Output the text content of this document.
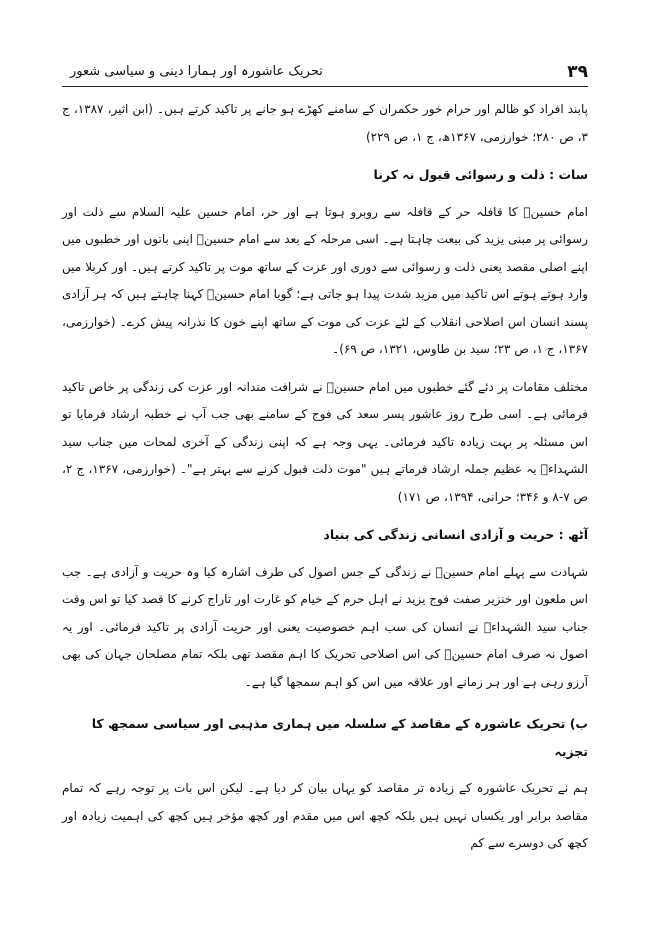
۳۹
تحریک عاشورہ اور ہمارا دینی و سیاسی شعور

پابند افراد کو ظالم اور حرام خور حکمران کے سامنے کھڑے ہو جانے پر تاکید کرتے ہیں۔ (ابن اثیر، ۱۳۸۷، ج ۳، ص ۲۸۰؛ خوارزمی، ۱۳۶۷ھ، ج ۱، ص ۲۲۹)

سات : ذلت و رسوائی قبول نہ کرنا

امام حسینؑ کا قافلہ حر کے قافلہ سے روبرو ہوتا ہے اور حر، امام حسین علیہ السلام سے ذلت اور رسوائی پر مبنی یزید کی بیعت چاہتا ہے۔ اسی مرحلہ کے بعد سے امام حسینؑ اپنی باتوں اور خطبوں میں اپنے اصلی مقصد یعنی ذلت و رسوائی سے دوری اور عزت کے ساتھ موت پر تاکید کرتے ہیں۔ اور کربلا میں وارد ہوتے ہوتے اس تاکید میں مزید شدت پیدا ہو جاتی ہے؛ گویا امام حسینؑ کہنا چاہتے ہیں کہ ہر آزادی پسند انسان اس اصلاحی انقلاب کے لئے عزت کی موت کے ساتھ اپنے خون کا نذرانہ پیش کرے۔ (خوارزمی، ۱۳۶۷، ج ۱، ص ۲۳؛ سید بن طاوس، ۱۳۲۱، ص ۶۹)۔

مختلف مقامات پر دئے گئے خطبوں میں امام حسینؑ نے شرافت مندانہ اور عزت کی زندگی پر خاص تاکید فرمائی ہے۔ اسی طرح روز عاشور پسر سعد کی فوج کے سامنے بھی جب آپ نے خطبہ ارشاد فرمایا تو اس مسئلہ پر بہت زیادہ تاکید فرمائی۔ یہی وجہ ہے کہ اپنی زندگی کے آخری لمحات میں جناب سید الشہداءؑ یہ عظیم جملہ ارشاد فرماتے ہیں "موت ذلت قبول کرنے سے بہتر ہے"۔ (خوارزمی، ۱۳۶۷، ج ۲، ص ۷-۸ و ۳۴۶؛ حرانی، ۱۳۹۴، ص ۱۷۱)

آٹھ : حریت و آزادی انسانی زندگی کی بنیاد

شہادت سے پہلے امام حسینؑ نے زندگی کے جس اصول کی طرف اشارہ کیا وہ حریت و آزادی ہے۔ جب اس ملعون اور خنزیر صفت فوج یزید نے اہل حرم کے خیام کو غارت اور تاراج کرنے کا قصد کیا تو اس وقت جناب سید الشہداءؑ نے انسان کی سب اہم خصوصیت یعنی اور حریت آزادی پر تاکید فرمائی۔ اور یہ اصول نہ صرف امام حسینؑ کی اس اصلاحی تحریک کا اہم مقصد تھی بلکہ تمام مصلحان جہان کی بھی آرزو رہی ہے اور ہر زمانے اور علاقہ میں اس کو اہم سمجھا گیا ہے۔

ب) تحریک عاشورہ کے مقاصد کے سلسلہ میں ہماری مذہبی اور سیاسی سمجھ کا تجزیہ

ہم نے تحریک عاشورہ کے زیادہ تر مقاصد کو یہاں بیان کر دیا ہے۔ لیکن اس بات پر توجہ رہے کہ تمام مقاصد برابر اور یکساں نہیں ہیں بلکہ کچھ اس میں مقدم اور کچھ مؤخر ہیں کچھ کی اہمیت زیادہ اور کچھ کی دوسرے سے کم
